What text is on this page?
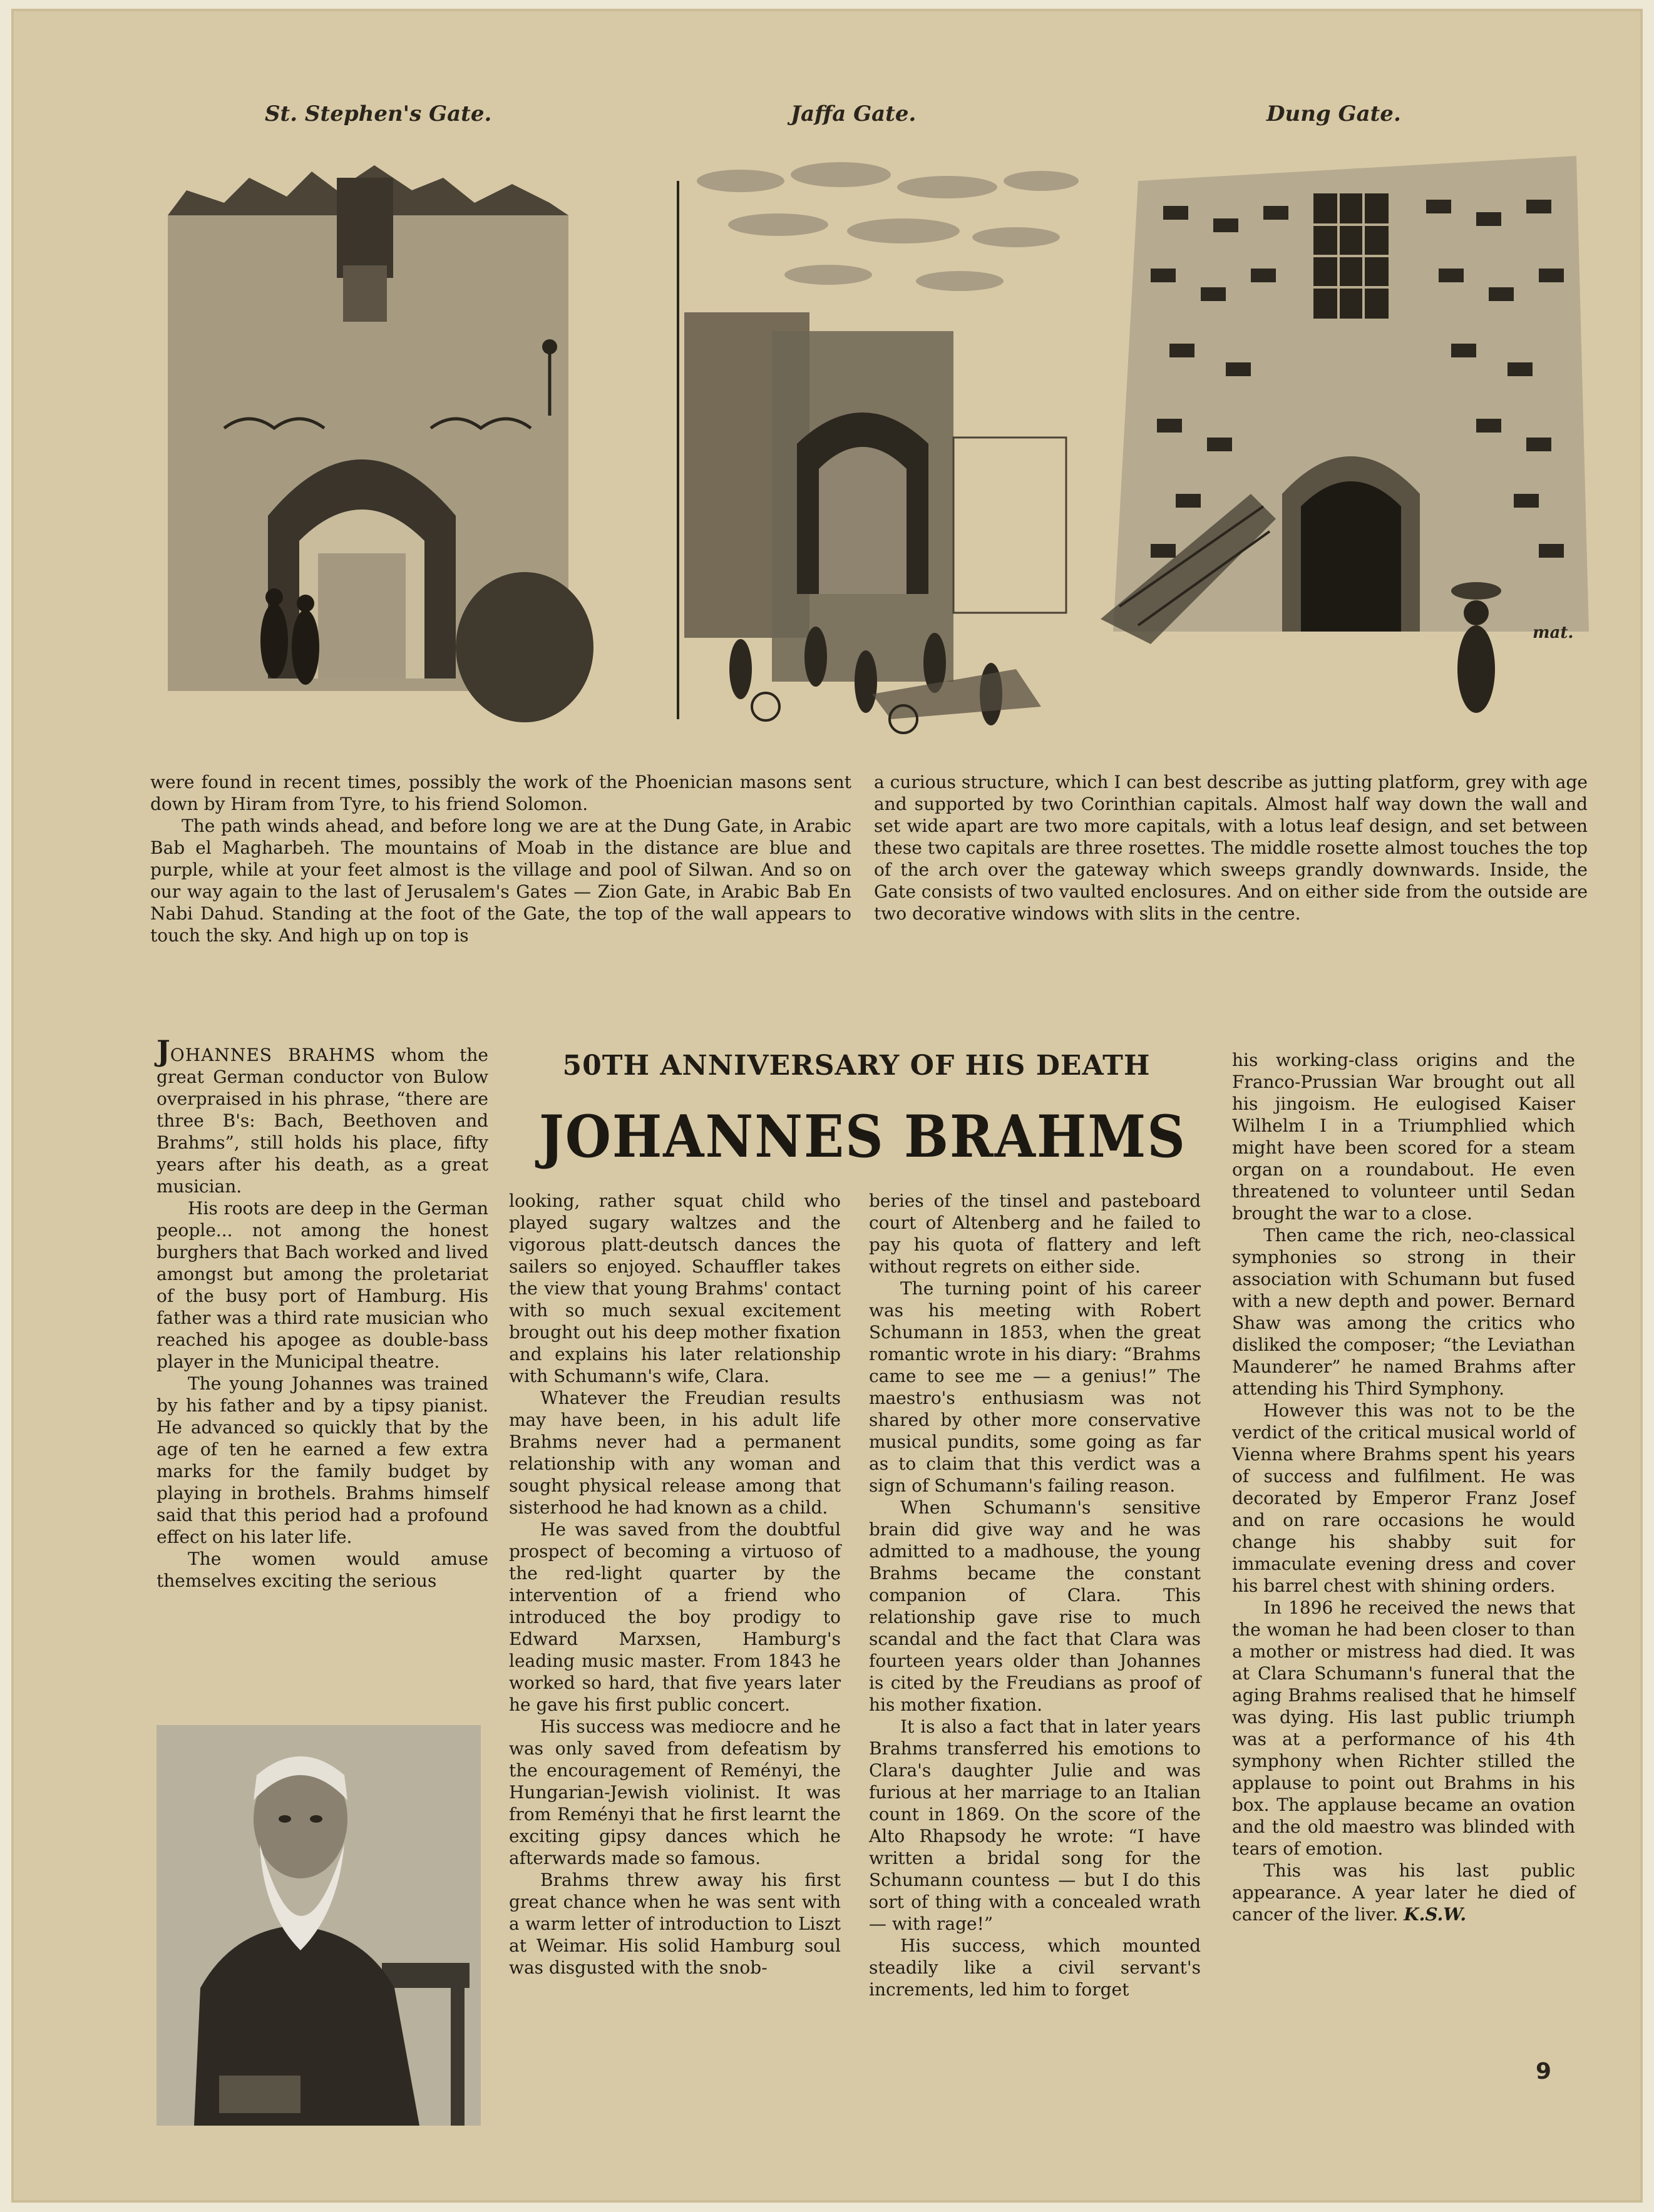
St. Stephen's Gate.	Jaffa Gate.	Dung Gate.
mat.

were found in recent times, possibly the work of the Phoenician masons sent down by Hiram from Tyre, to his friend Solomon.

The path winds ahead, and before long we are at the Dung Gate, in Arabic Bab el Magharbeh. The mountains of Moab in the distance are blue and purple, while at your feet almost is the village and pool of Silwan. And so on our way again to the last of Jerusalem's Gates — Zion Gate, in Arabic Bab En Nabi Dahud. Standing at the foot of the Gate, the top of the wall appears to touch the sky. And high up on top is

a curious structure, which I can best describe as jutting platform, grey with age and supported by two Corinthian capitals. Almost half way down the wall and set wide apart are two more capitals, with a lotus leaf design, and set between these two capitals are three rosettes. The middle rosette almost touches the top of the arch over the gateway which sweeps grandly downwards. Inside, the Gate consists of two vaulted enclosures. And on either side from the outside are two decorative windows with slits in the centre.

50TH ANNIVERSARY OF HIS DEATH
JOHANNES BRAHMS

JOHANNES BRAHMS whom the great German conductor von Bulow overpraised in his phrase, “there are three B's: Bach, Beethoven and Brahms”, still holds his place, fifty years after his death, as a great musician.

His roots are deep in the German people... not among the honest burghers that Bach worked and lived amongst but among the proletariat of the busy port of Hamburg. His father was a third rate musician who reached his apogee as double-bass player in the Municipal theatre.

The young Johannes was trained by his father and by a tipsy pianist. He advanced so quickly that by the age of ten he earned a few extra marks for the family budget by playing in brothels. Brahms himself said that this period had a profound effect on his later life.

The women would amuse themselves exciting the serious

looking, rather squat child who played sugary waltzes and the vigorous platt-deutsch dances the sailers so enjoyed. Schauffler takes the view that young Brahms' contact with so much sexual excitement brought out his deep mother fixation and explains his later relationship with Schumann's wife, Clara.

Whatever the Freudian results may have been, in his adult life Brahms never had a permanent relationship with any woman and sought physical release among that sisterhood he had known as a child.

He was saved from the doubtful prospect of becoming a virtuoso of the red-light quarter by the intervention of a friend who introduced the boy prodigy to Edward Marxsen, Hamburg's leading music master. From 1843 he worked so hard, that five years later he gave his first public concert.

His success was mediocre and he was only saved from defeatism by the encouragement of Reményi, the Hungarian-Jewish violinist. It was from Reményi that he first learnt the exciting gipsy dances which he afterwards made so famous.

Brahms threw away his first great chance when he was sent with a warm letter of introduction to Liszt at Weimar. His solid Hamburg soul was disgusted with the snob-

beries of the tinsel and pasteboard court of Altenberg and he failed to pay his quota of flattery and left without regrets on either side.

The turning point of his career was his meeting with Robert Schumann in 1853, when the great romantic wrote in his diary: “Brahms came to see me — a genius!” The maestro's enthusiasm was not shared by other more conservative musical pundits, some going as far as to claim that this verdict was a sign of Schumann's failing reason.

When Schumann's sensitive brain did give way and he was admitted to a madhouse, the young Brahms became the constant companion of Clara. This relationship gave rise to much scandal and the fact that Clara was fourteen years older than Johannes is cited by the Freudians as proof of his mother fixation.

It is also a fact that in later years Brahms transferred his emotions to Clara's daughter Julie and was furious at her marriage to an Italian count in 1869. On the score of the Alto Rhapsody he wrote: “I have written a bridal song for the Schumann countess — but I do this sort of thing with a concealed wrath — with rage!”

His success, which mounted steadily like a civil servant's increments, led him to forget

his working-class origins and the Franco-Prussian War brought out all his jingoism. He eulogised Kaiser Wilhelm I in a Triumphlied which might have been scored for a steam organ on a roundabout. He even threatened to volunteer until Sedan brought the war to a close.

Then came the rich, neo-classical symphonies so strong in their association with Schumann but fused with a new depth and power. Bernard Shaw was among the critics who disliked the composer; “the Leviathan Maunderer” he named Brahms after attending his Third Symphony.

However this was not to be the verdict of the critical musical world of Vienna where Brahms spent his years of success and fulfilment. He was decorated by Emperor Franz Josef and on rare occasions he would change his shabby suit for immaculate evening dress and cover his barrel chest with shining orders.

In 1896 he received the news that the woman he had been closer to than a mother or mistress had died. It was at Clara Schumann's funeral that the aging Brahms realised that he himself was dying. His last public triumph was at a performance of his 4th symphony when Richter stilled the applause to point out Brahms in his box. The applause became an ovation and the old maestro was blinded with tears of emotion.

This was his last public appearance. A year later he died of cancer of the liver. K.S.W.

9
